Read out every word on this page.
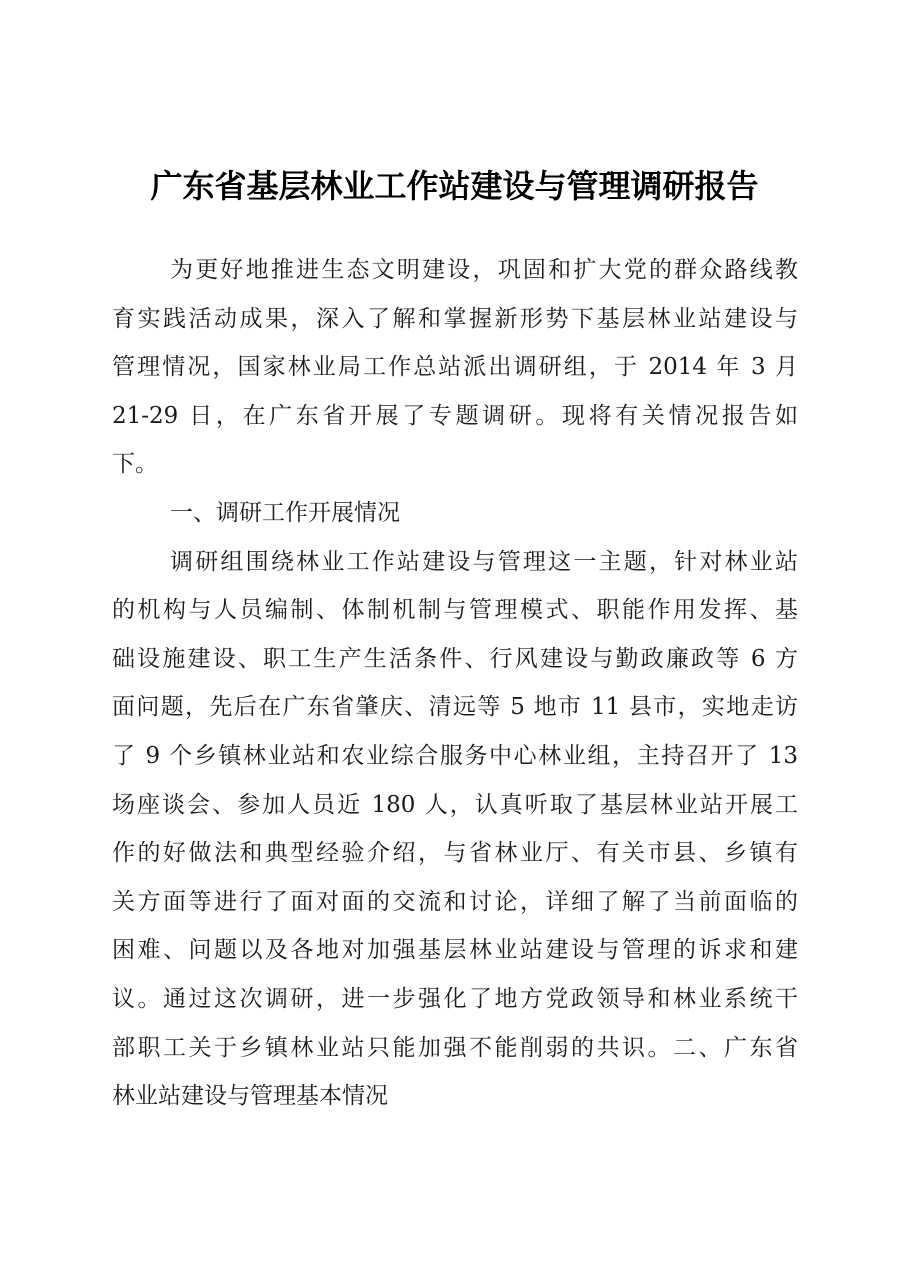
广东省基层林业工作站建设与管理调研报告
为更好地推进生态文明建设，巩固和扩大党的群众路线教
育实践活动成果，深入了解和掌握新形势下基层林业站建设与
管理情况，国家林业局工作总站派出调研组，于 2014 年 3 月
21-29 日，在广东省开展了专题调研。现将有关情况报告如
下。
一、调研工作开展情况
调研组围绕林业工作站建设与管理这一主题，针对林业站
的机构与人员编制、体制机制与管理模式、职能作用发挥、基
础设施建设、职工生产生活条件、行风建设与勤政廉政等 6 方
面问题，先后在广东省肇庆、清远等 5 地市 11 县市，实地走访
了 9 个乡镇林业站和农业综合服务中心林业组，主持召开了 13
场座谈会、参加人员近 180 人，认真听取了基层林业站开展工
作的好做法和典型经验介绍，与省林业厅、有关市县、乡镇有
关方面等进行了面对面的交流和讨论，详细了解了当前面临的
困难、问题以及各地对加强基层林业站建设与管理的诉求和建
议。通过这次调研，进一步强化了地方党政领导和林业系统干
部职工关于乡镇林业站只能加强不能削弱的共识。二、广东省
林业站建设与管理基本情况
